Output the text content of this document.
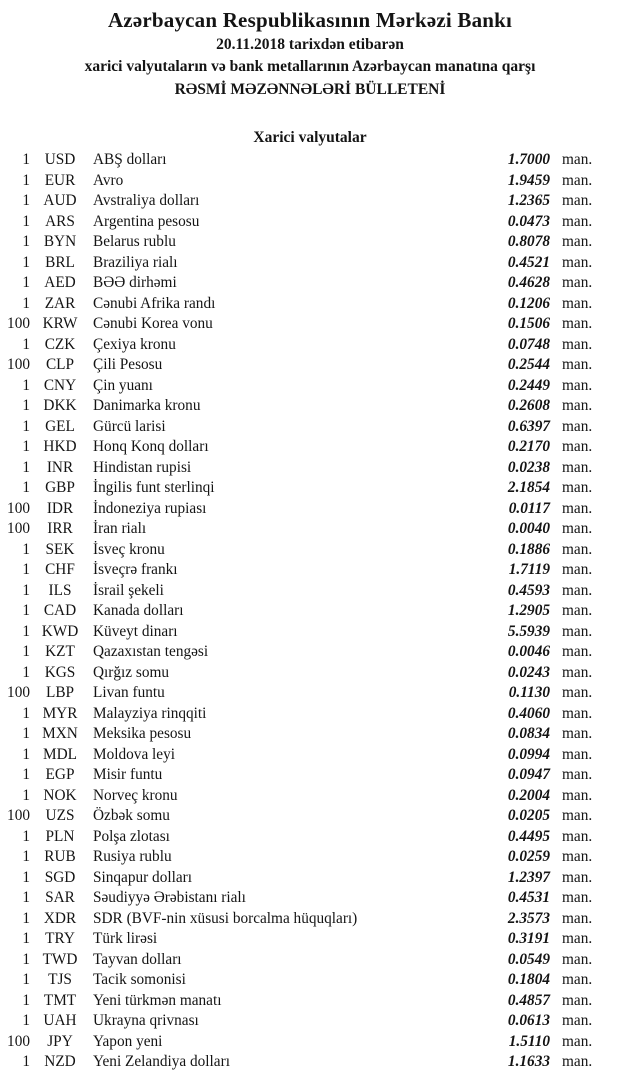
Azərbaycan Respublikasının Mərkəzi Bankı
20.11.2018 tarixdən etibarən
xarici valyutaların və bank metallarının Azərbaycan manatına qarşı
RƏSMİ MƏZƏNNƏLƏRİ BÜLLETENİ
Xarici valyutalar
1 USD	ABŞ dolları	1.7000 man.
1 EUR	Avro	1.9459 man.
1 AUD	Avstraliya dolları	1.2365 man.
1 ARS	Argentina pesosu	0.0473 man.
1 BYN	Belarus rublu	0.8078 man.
1 BRL	Braziliya rialı	0.4521 man.
1 AED	BƏƏ dirhəmi	0.4628 man.
1 ZAR	Cənubi Afrika randı	0.1206 man.
100 KRW	Cənubi Korea vonu	0.1506 man.
1 CZK	Çexiya kronu	0.0748 man.
100	CLP	Çili Pesosu	0.2544 man.
1 CNY	Çin yuanı	0.2449 man.
1 DKK	Danimarka kronu	0.2608 man.
1 GEL	Gürcü larisi	0.6397 man.
1 HKD	Honq Konq dolları	0.2170 man.
1	INR	Hindistan rupisi	0.0238 man.
1 GBP	İngilis funt sterlinqi	2.1854 man.
100	IDR	İndoneziya rupiası	0.0117 man.
100	IRR	İran rialı	0.0040 man.
1	SEK	İsveç kronu	0.1886 man.
1 CHF	İsveçrə frankı	1.7119 man.
1	ILS	İsrail şekeli	0.4593 man.
1 CAD	Kanada dolları	1.2905 man.
1 KWD Küveyt dinarı	5.5939 man.
1 KZT	Qazaxıstan tengəsi	0.0046 man.
1 KGS	Qırğız somu	0.0243 man.
100	LBP	Livan funtu	0.1130 man.
1 MYR	Malayziya rinqqiti	0.4060 man.
1 MXN Meksika pesosu	0.0834 man.
1 MDL	Moldova leyi	0.0994 man.
1	EGP	Misir funtu	0.0947 man.
1 NOK	Norveç kronu	0.2004 man.
100	UZS	Özbək somu	0.0205 man.
1	PLN	Polşa zlotası	0.4495 man.
1 RUB	Rusiya rublu	0.0259 man.
1 SGD	Sinqapur dolları	1.2397 man.
1 SAR	Səudiyyə Ərəbistanı rialı	0.4531 man.
1 XDR	SDR (BVF-nin xüsusi borcalma hüquqları)	2.3573 man.
1 TRY	Türk lirəsi	0.3191 man.
1 TWD	Tayvan dolları	0.0549 man.
1	TJS	Tacik somonisi	0.1804 man.
1 TMT	Yeni türkmən manatı	0.4857 man.
1 UAH	Ukrayna qrivnası	0.0613 man.
100	JPY	Yapon yeni	1.5110 man.
1 NZD	Yeni Zelandiya dolları	1.1633 man.
